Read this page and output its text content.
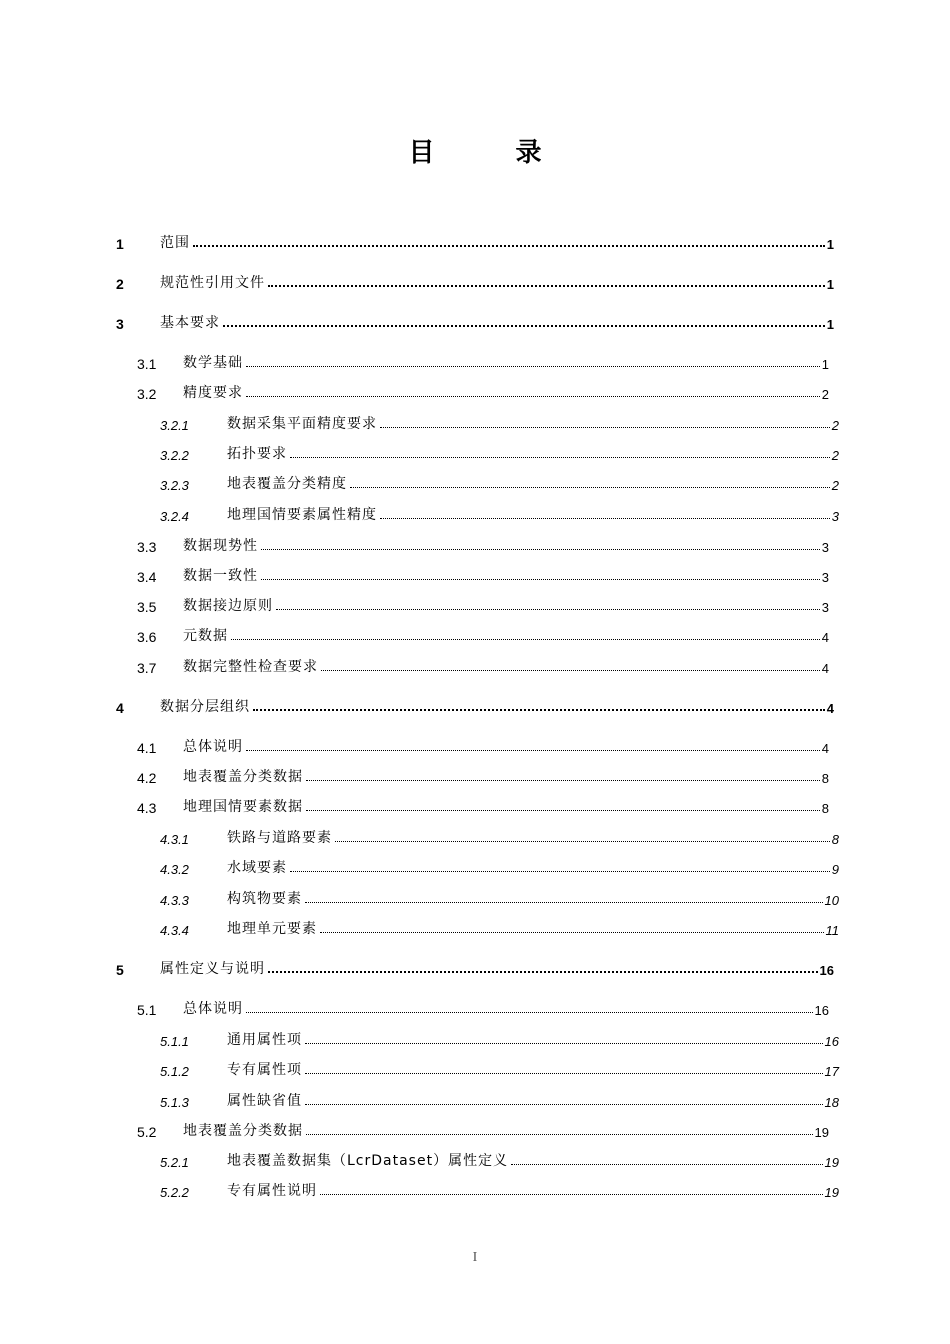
目 录
1	范围	1
2	规范性引用文件	1
3	基本要求	1
3.1 数学基础	1
3.2 精度要求	2
3.2.1	数据采集平面精度要求	2
3.2.2	拓扑要求	2
3.2.3	地表覆盖分类精度	2
3.2.4	地理国情要素属性精度	3
3.3 数据现势性	3
3.4 数据一致性	3
3.5 数据接边原则	3
3.6 元数据	4
3.7 数据完整性检查要求	4
4	数据分层组织	4
4.1 总体说明	4
4.2 地表覆盖分类数据	8
4.3 地理国情要素数据	8
4.3.1	铁路与道路要素	8
4.3.2	水域要素	9
4.3.3	构筑物要素	10
4.3.4	地理单元要素	11
5	属性定义与说明	16
5.1 总体说明	16
5.1.1	通用属性项	16
5.1.2	专有属性项	17
5.1.3	属性缺省值	18
5.2 地表覆盖分类数据	19
5.2.1	地表覆盖数据集（LcrDataset）属性定义	19
5.2.2	专有属性说明	19
I
